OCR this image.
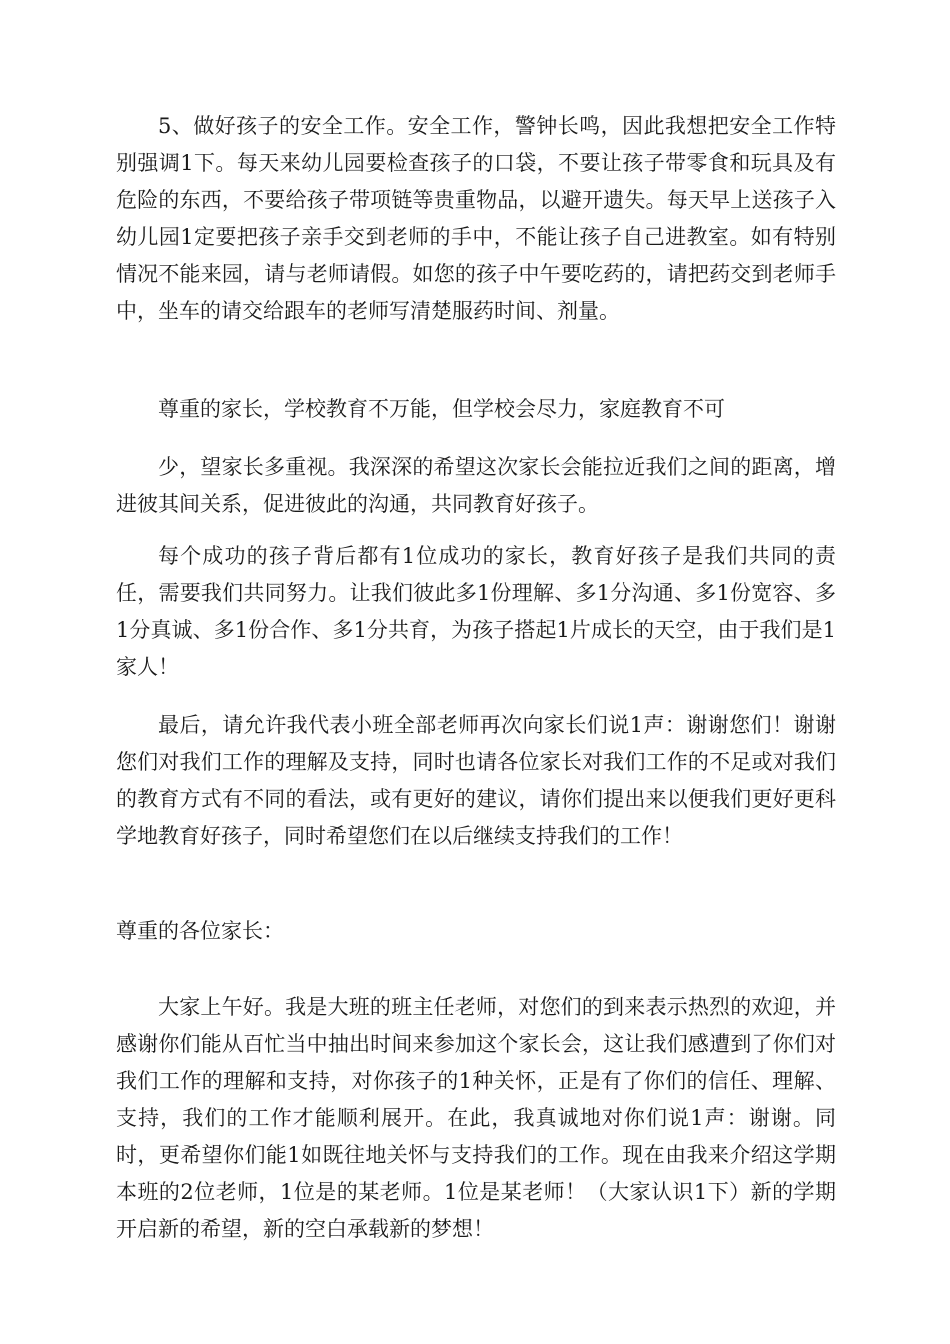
5、做好孩子的安全工作。安全工作，警钟长鸣，因此我想把安全工作特别强调1下。每天来幼儿园要检查孩子的口袋，不要让孩子带零食和玩具及有危险的东西，不要给孩子带项链等贵重物品，以避开遗失。每天早上送孩子入幼儿园1定要把孩子亲手交到老师的手中，不能让孩子自己进教室。如有特别情况不能来园，请与老师请假。如您的孩子中午要吃药的，请把药交到老师手中，坐车的请交给跟车的老师写清楚服药时间、剂量。

尊重的家长，学校教育不万能，但学校会尽力，家庭教育不可

少，望家长多重视。我深深的希望这次家长会能拉近我们之间的距离，增进彼其间关系，促进彼此的沟通，共同教育好孩子。

每个成功的孩子背后都有1位成功的家长，教育好孩子是我们共同的责任，需要我们共同努力。让我们彼此多1份理解、多1分沟通、多1份宽容、多1分真诚、多1份合作、多1分共育，为孩子搭起1片成长的天空，由于我们是1家人！

最后，请允许我代表小班全部老师再次向家长们说1声：谢谢您们！谢谢您们对我们工作的理解及支持，同时也请各位家长对我们工作的不足或对我们的教育方式有不同的看法，或有更好的建议，请你们提出来以便我们更好更科学地教育好孩子，同时希望您们在以后继续支持我们的工作！

尊重的各位家长：

大家上午好。我是大班的班主任老师，对您们的到来表示热烈的欢迎，并感谢你们能从百忙当中抽出时间来参加这个家长会，这让我们感遭到了你们对我们工作的理解和支持，对你孩子的1种关怀，正是有了你们的信任、理解、支持，我们的工作才能顺利展开。在此，我真诚地对你们说1声：谢谢。同时，更希望你们能1如既往地关怀与支持我们的工作。现在由我来介绍这学期本班的2位老师，1位是的某老师。1位是某老师！（大家认识1下）新的学期开启新的希望，新的空白承载新的梦想！
